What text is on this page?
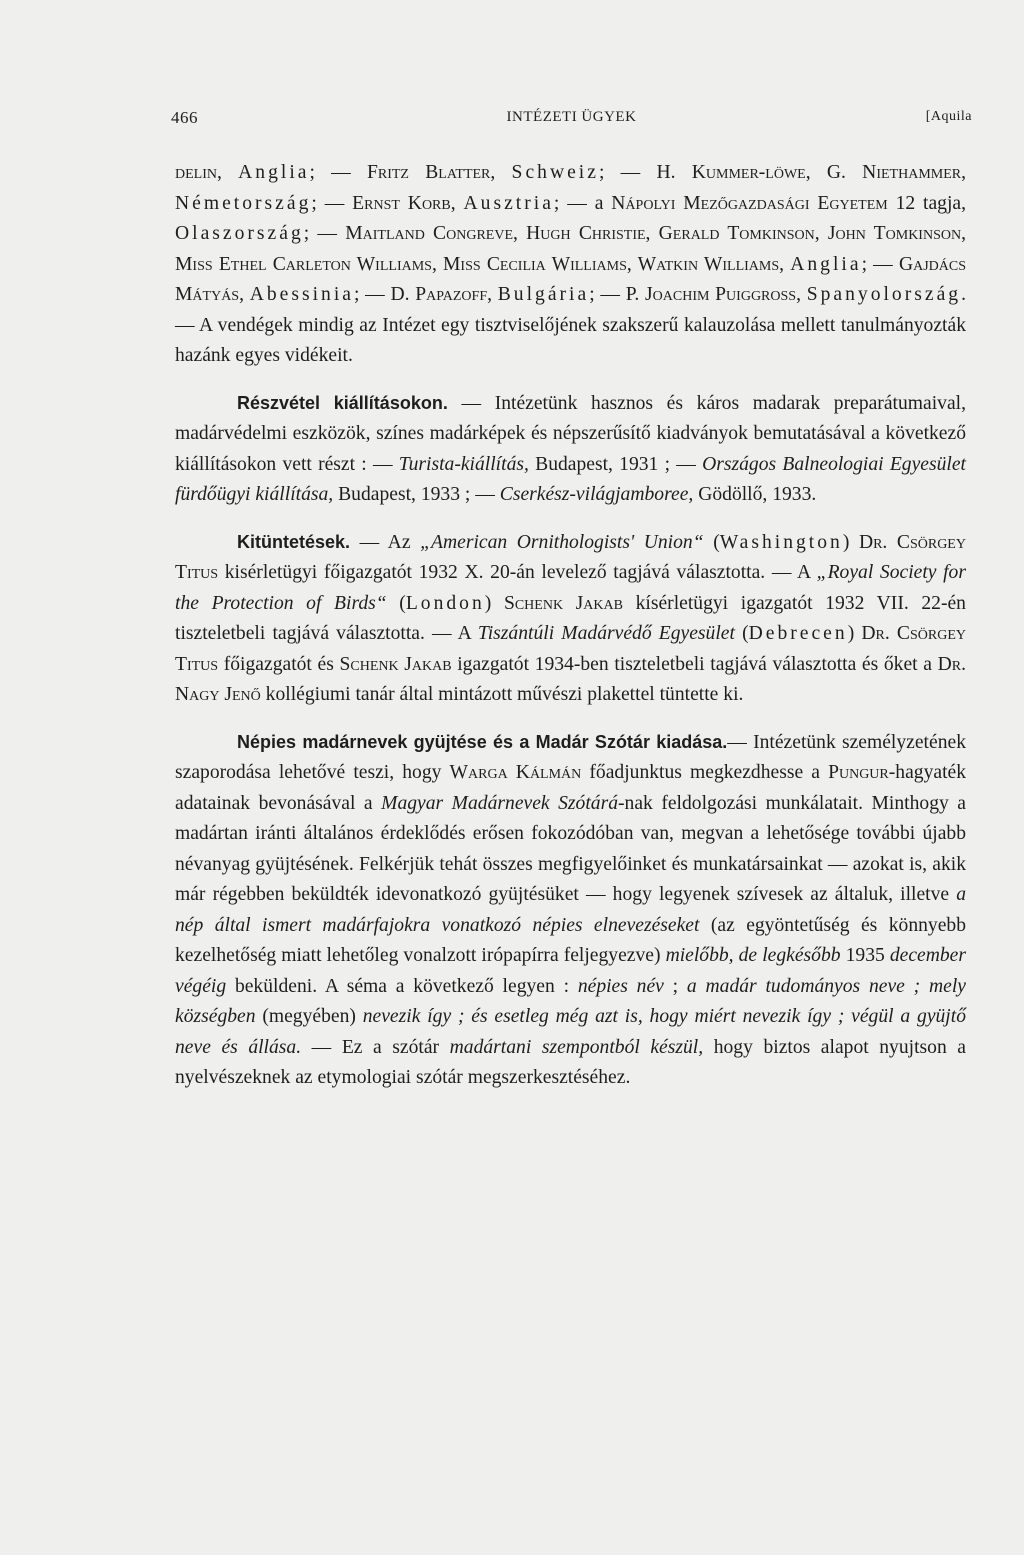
466	INTÉZETI ÜGYEK	[Aquila

delin, Anglia; — Fritz Blatter, Schweiz; — H. Kummer-löwe, G. Niethammer, Németország; — Ernst Korb, Ausztria; — a Nápolyi Mezőgazdasági Egyetem 12 tagja, Olaszország; — Maitland Congreve, Hugh Christie, Gerald Tomkinson, John Tomkinson, Miss Ethel Carleton Williams, Miss Cecilia Williams, Watkin Williams, Anglia; — Gajdács Mátyás, Abessinia; — D. Papazoff, Bulgária; — P. Joachim Puiggross, Spanyolország. — A vendégek mindig az Intézet egy tisztviselőjének szakszerű kalauzolása mellett tanulmányozták hazánk egyes vidékeit.

Részvétel kiállításokon. — Intézetünk hasznos és káros madarak preparátumaival, madárvédelmi eszközök, színes madárképek és népszerűsítő kiadványok bemutatásával a következő kiállításokon vett részt : — Turista-kiállítás, Budapest, 1931 ; — Országos Balneologiai Egyesület fürdőügyi kiállítása, Budapest, 1933 ; — Cserkész-világjamboree, Gödöllő, 1933.

Kitüntetések. — Az „American Ornithologists' Union“ (Washington) Dr. Csörgey Titus kisérletügyi főigazgatót 1932 X. 20-án levelező tagjává választotta. — A „Royal Society for the Protection of Birds“ (London) Schenk Jakab kísérletügyi igazgatót 1932 VII. 22-én tiszteletbeli tagjává választotta. — A Tiszántúli Madárvédő Egyesület (Debrecen) Dr. Csörgey Titus főigazgatót és Schenk Jakab igazgatót 1934-ben tiszteletbeli tagjává választotta és őket a Dr. Nagy Jenő kollégiumi tanár által mintázott művészi plakettel tüntette ki.

Népies madárnevek gyüjtése és a Madár Szótár kiadása.— Intézetünk személyzetének szaporodása lehetővé teszi, hogy Warga Kálmán főadjunktus megkezdhesse a Pungur-hagyaték adatainak bevonásával a Magyar Madárnevek Szótárá-nak feldolgozási munkálatait. Minthogy a madártan iránti általános érdeklődés erősen fokozódóban van, megvan a lehetősége további újabb névanyag gyüjtésének. Felkérjük tehát összes megfigyelőinket és munkatársainkat — azokat is, akik már régebben beküldték idevonatkozó gyüjtésüket — hogy legyenek szívesek az általuk, illetve a nép által ismert madárfajokra vonatkozó népies elnevezéseket (az egyöntetűség és könnyebb kezelhetőség miatt lehetőleg vonalzott irópapírra feljegyezve) mielőbb, de legkésőbb 1935 december végéig beküldeni. A séma a következő legyen : népies név ; a madár tudományos neve ; mely községben (megyében) nevezik így ; és esetleg még azt is, hogy miért nevezik így ; végül a gyüjtő neve és állása. — Ez a szótár madártani szempontból készül, hogy biztos alapot nyujtson a nyelvészeknek az etymologiai szótár megszerkesztéséhez.
